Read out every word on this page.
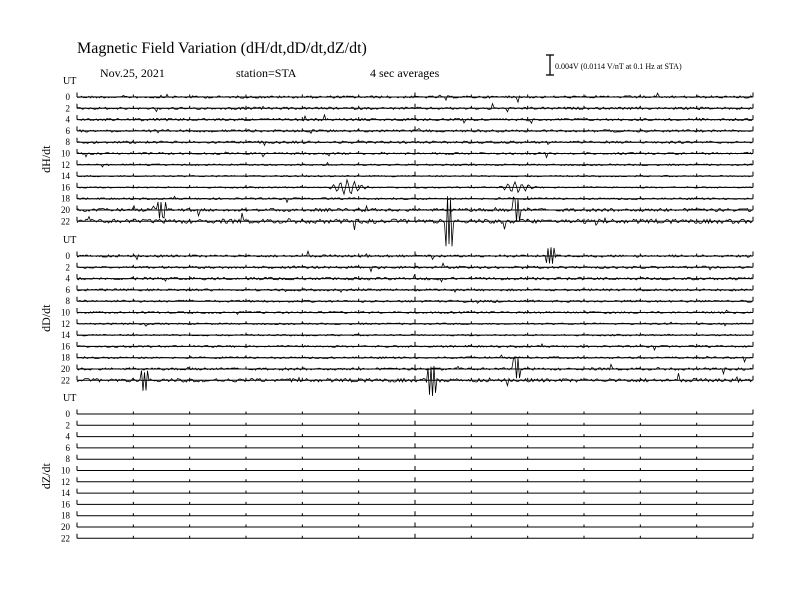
Magnetic Field Variation (dH/dt,dD/dt,dZ/dt)
Nov.25, 2021	station=STA	4 sec averages	0.004V (0.0114 V/nT at 0.1 Hz at STA)
UT
dH/dt
0
2
4
6
8
10
12
14
16
18
20
22
UT
dD/dt
0
2
4
6
8
10
12
14
16
18
20
22
UT
dZ/dt
0
2
4
6
8
10
12
14
16
18
20
22
